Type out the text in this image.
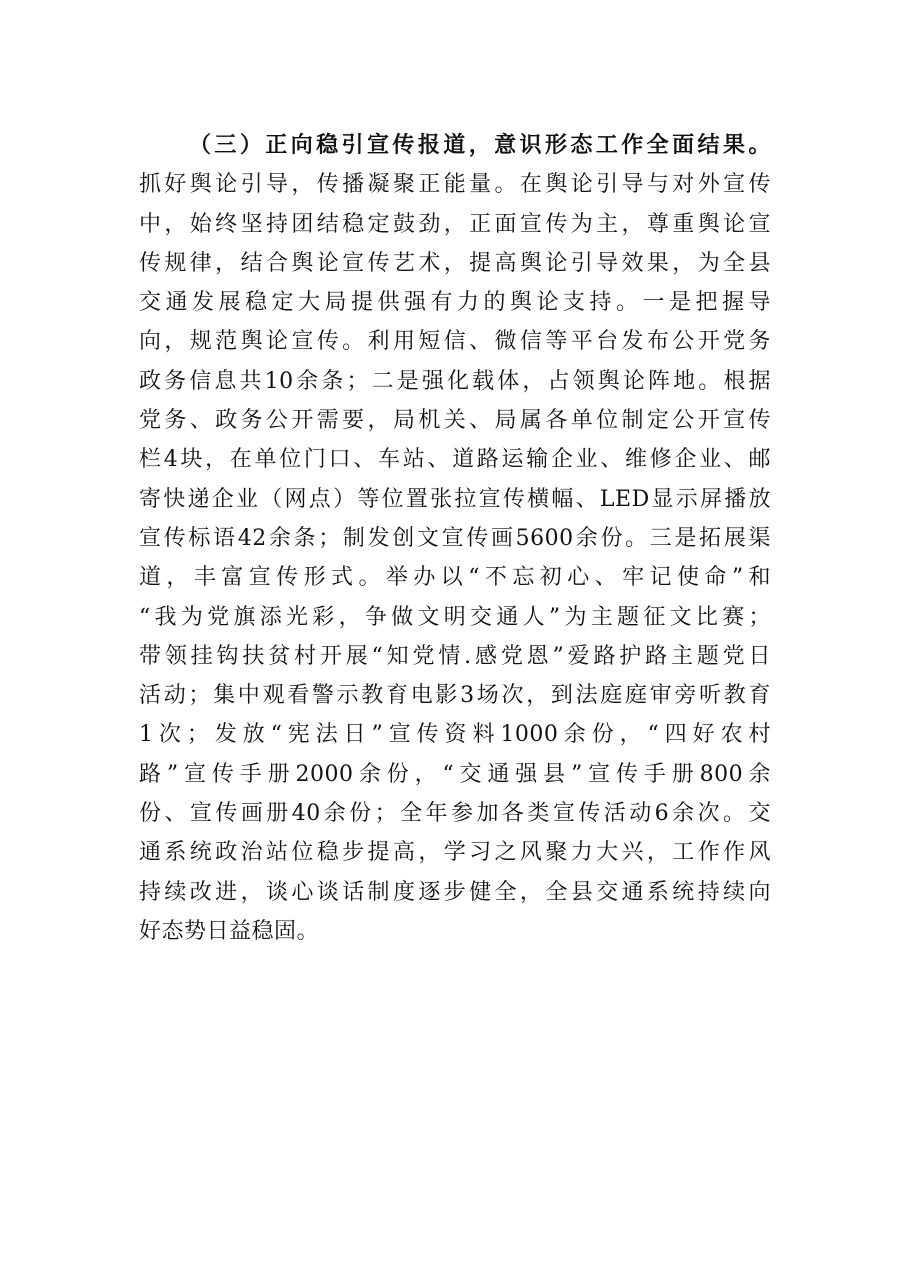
（三）正向稳引宣传报道，意识形态工作全面结果。
抓好舆论引导，传播凝聚正能量。在舆论引导与对外宣传
中，始终坚持团结稳定鼓劲，正面宣传为主，尊重舆论宣
传规律，结合舆论宣传艺术，提高舆论引导效果，为全县
交通发展稳定大局提供强有力的舆论支持。一是把握导
向，规范舆论宣传。利用短信、微信等平台发布公开党务
政务信息共10余条；二是强化载体，占领舆论阵地。根据
党务、政务公开需要，局机关、局属各单位制定公开宣传
栏4块，在单位门口、车站、道路运输企业、维修企业、邮
寄快递企业（网点）等位置张拉宣传横幅、LED显示屏播放
宣传标语42余条；制发创文宣传画5600余份。三是拓展渠
道，丰富宣传形式。举办以“不忘初心、牢记使命”和
“我为党旗添光彩，争做文明交通人”为主题征文比赛；
带领挂钩扶贫村开展“知党情.感党恩”爱路护路主题党日
活动；集中观看警示教育电影3场次，到法庭庭审旁听教育
1次；发放“宪法日”宣传资料1000余份，“四好农村
路”宣传手册2000余份，“交通强县”宣传手册800余
份、宣传画册40余份；全年参加各类宣传活动6余次。交
通系统政治站位稳步提高，学习之风聚力大兴，工作作风
持续改进，谈心谈话制度逐步健全，全县交通系统持续向
好态势日益稳固。
